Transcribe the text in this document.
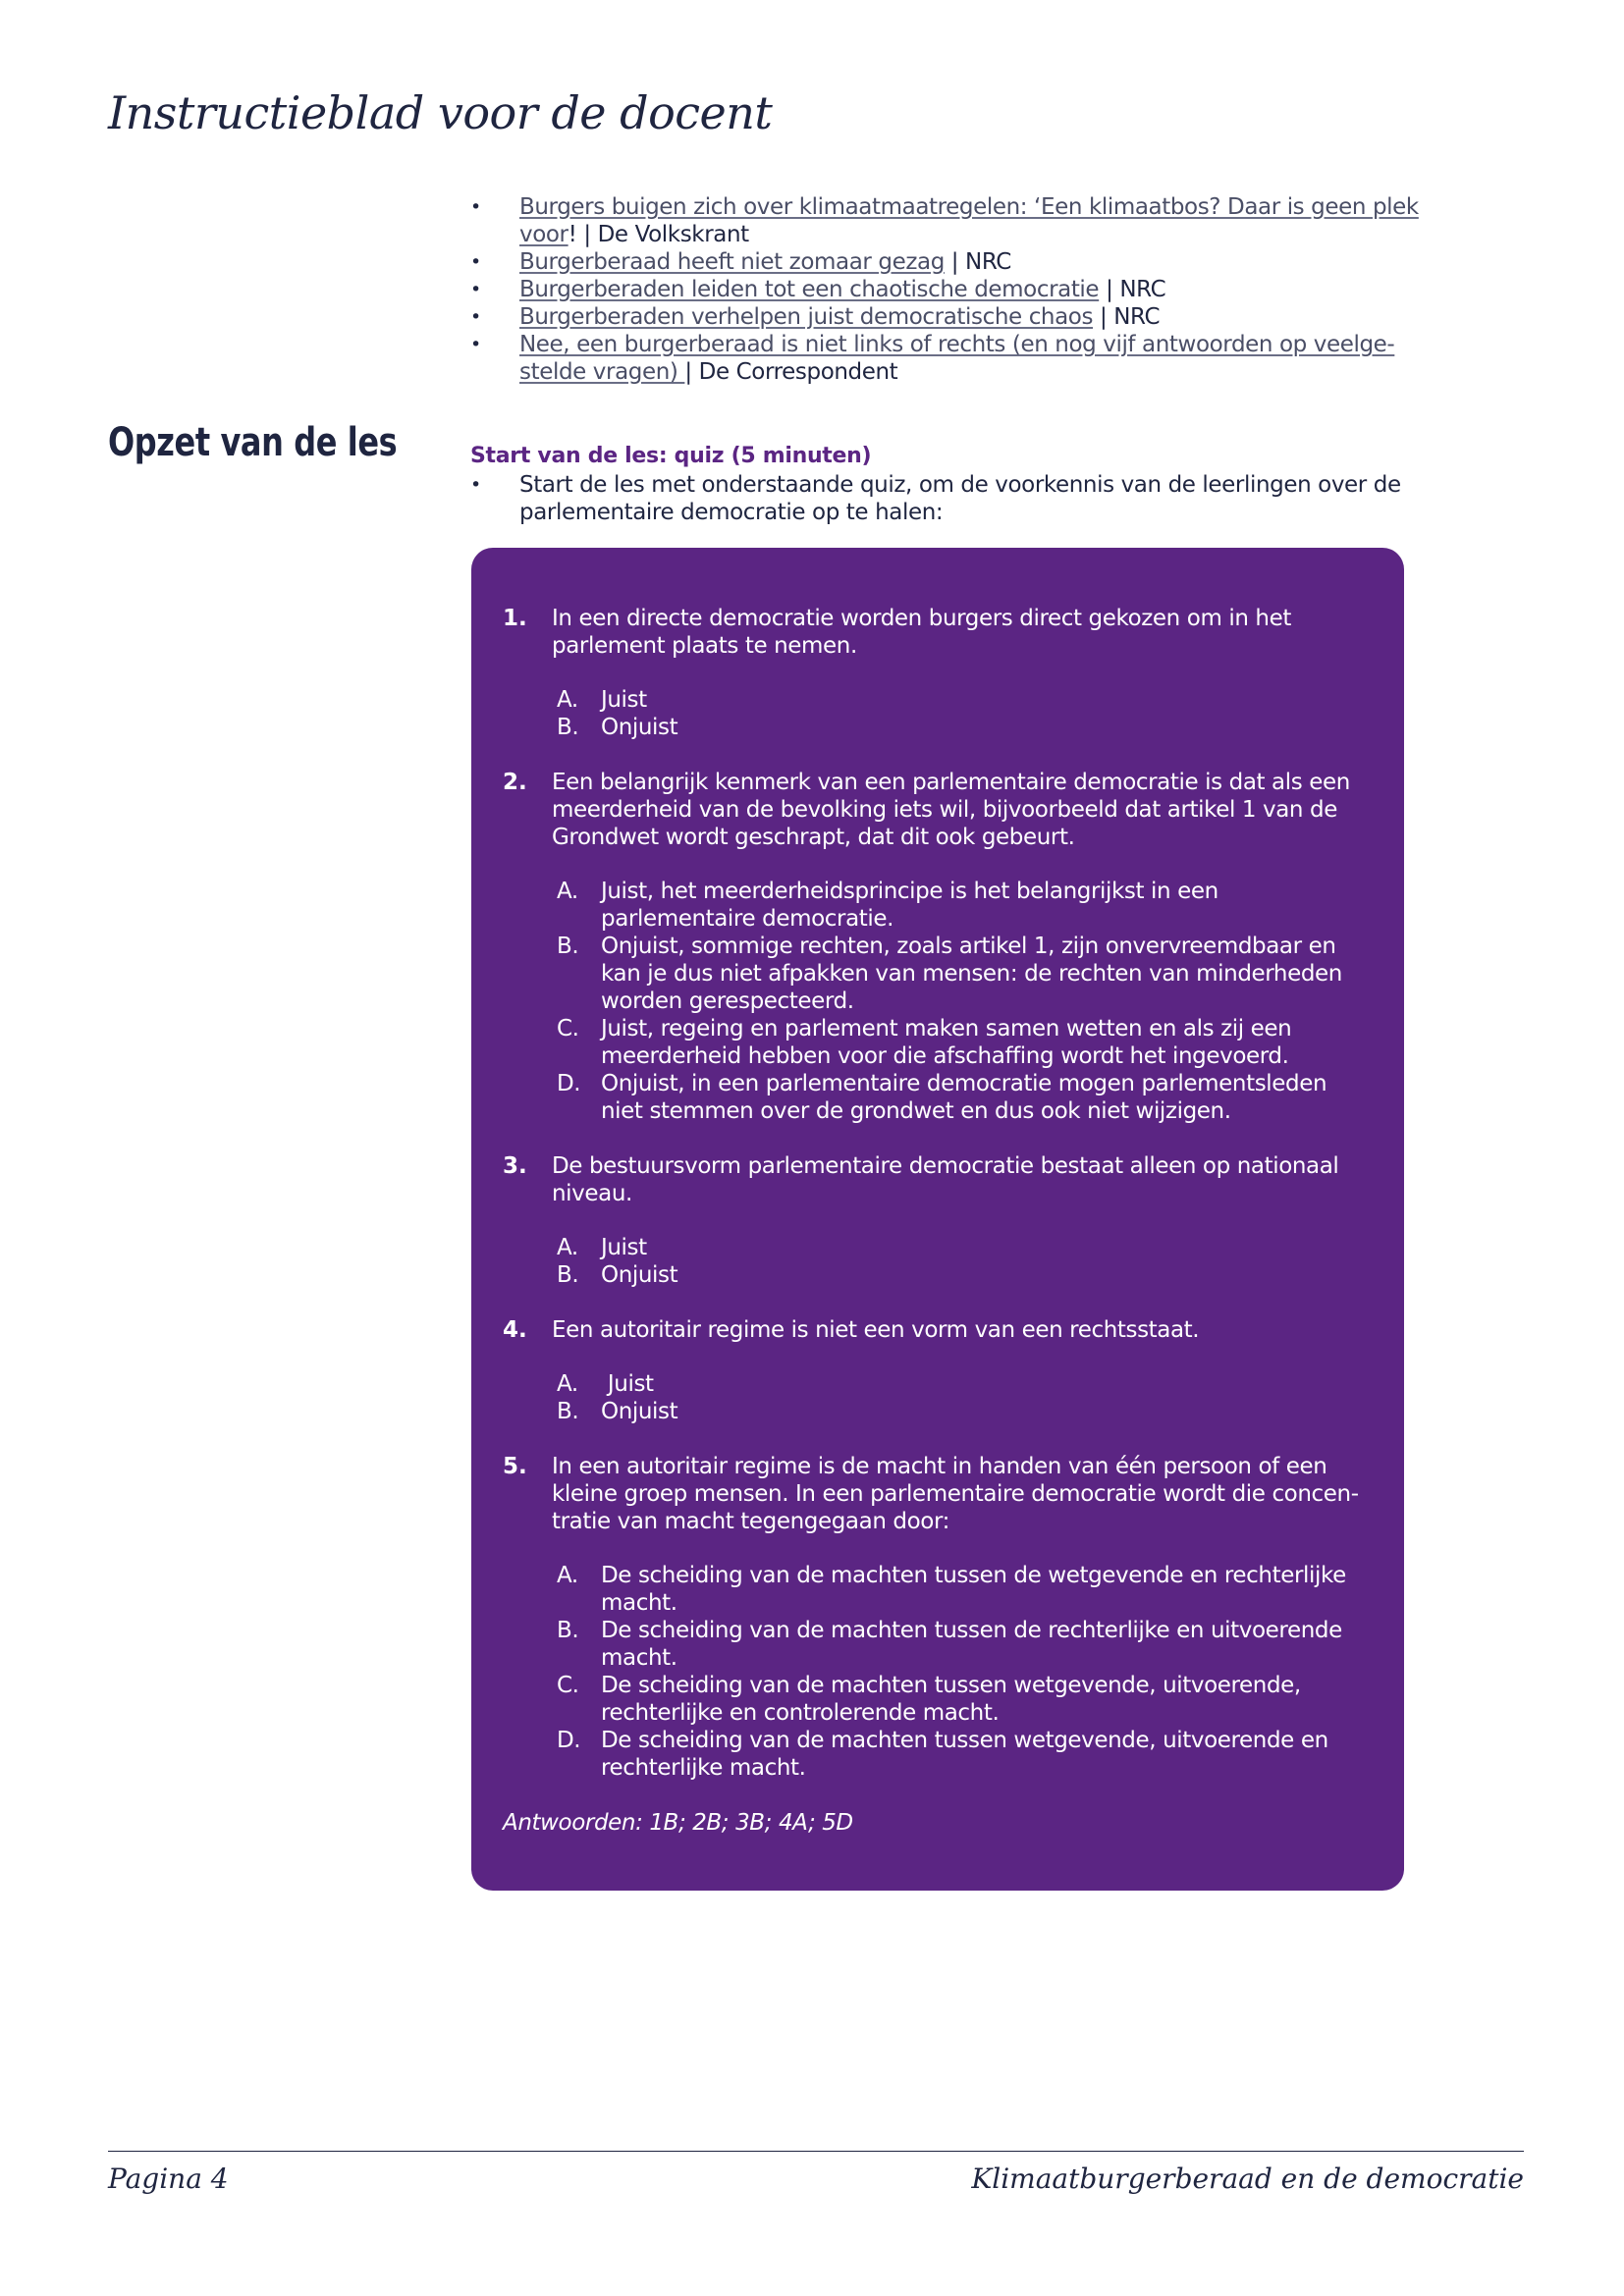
Instructieblad voor de docent
• Burgers buigen zich over klimaatmaatregelen: ‘Een klimaatbos? Daar is geen plek voor! | De Volkskrant
• Burgerberaad heeft niet zomaar gezag | NRC
• Burgerberaden leiden tot een chaotische democratie | NRC
• Burgerberaden verhelpen juist democratische chaos | NRC
• Nee, een burgerberaad is niet links of rechts (en nog vijf antwoorden op veelge-stelde vragen) | De Correspondent
Opzet van de les	Start van de les: quiz (5 minuten)
• Start de les met onderstaande quiz, om de voorkennis van de leerlingen over de parlementaire democratie op te halen:
1.	In een directe democratie worden burgers direct gekozen om in het parlement plaats te nemen.
A. Juist
B. Onjuist
2.	Een belangrijk kenmerk van een parlementaire democratie is dat als een meerderheid van de bevolking iets wil, bijvoorbeeld dat artikel 1 van de Grondwet wordt geschrapt, dat dit ook gebeurt.
A. Juist, het meerderheidsprincipe is het belangrijkst in een parlementaire democratie.
B. Onjuist, sommige rechten, zoals artikel 1, zijn onvervreemdbaar en kan je dus niet afpakken van mensen: de rechten van minderheden worden gerespecteerd.
C. Juist, regeing en parlement maken samen wetten en als zij een meerderheid hebben voor die afschaffing wordt het ingevoerd.
D. Onjuist, in een parlementaire democratie mogen parlementsleden niet stemmen over de grondwet en dus ook niet wijzigen.
3.	De bestuursvorm parlementaire democratie bestaat alleen op nationaal niveau.
A. Juist
B. Onjuist
4.	Een autoritair regime is niet een vorm van een rechtsstaat.
A. Juist
B. Onjuist
5.	In een autoritair regime is de macht in handen van één persoon of een kleine groep mensen. In een parlementaire democratie wordt die concen-tratie van macht tegengegaan door:
A. De scheiding van de machten tussen de wetgevende en rechterlijke macht.
B. De scheiding van de machten tussen de rechterlijke en uitvoerende macht.
C. De scheiding van de machten tussen wetgevende, uitvoerende, rechterlijke en controlerende macht.
D. De scheiding van de machten tussen wetgevende, uitvoerende en rechterlijke macht.
Antwoorden: 1B; 2B; 3B; 4A; 5D
Pagina 4	Klimaatburgerberaad en de democratie
